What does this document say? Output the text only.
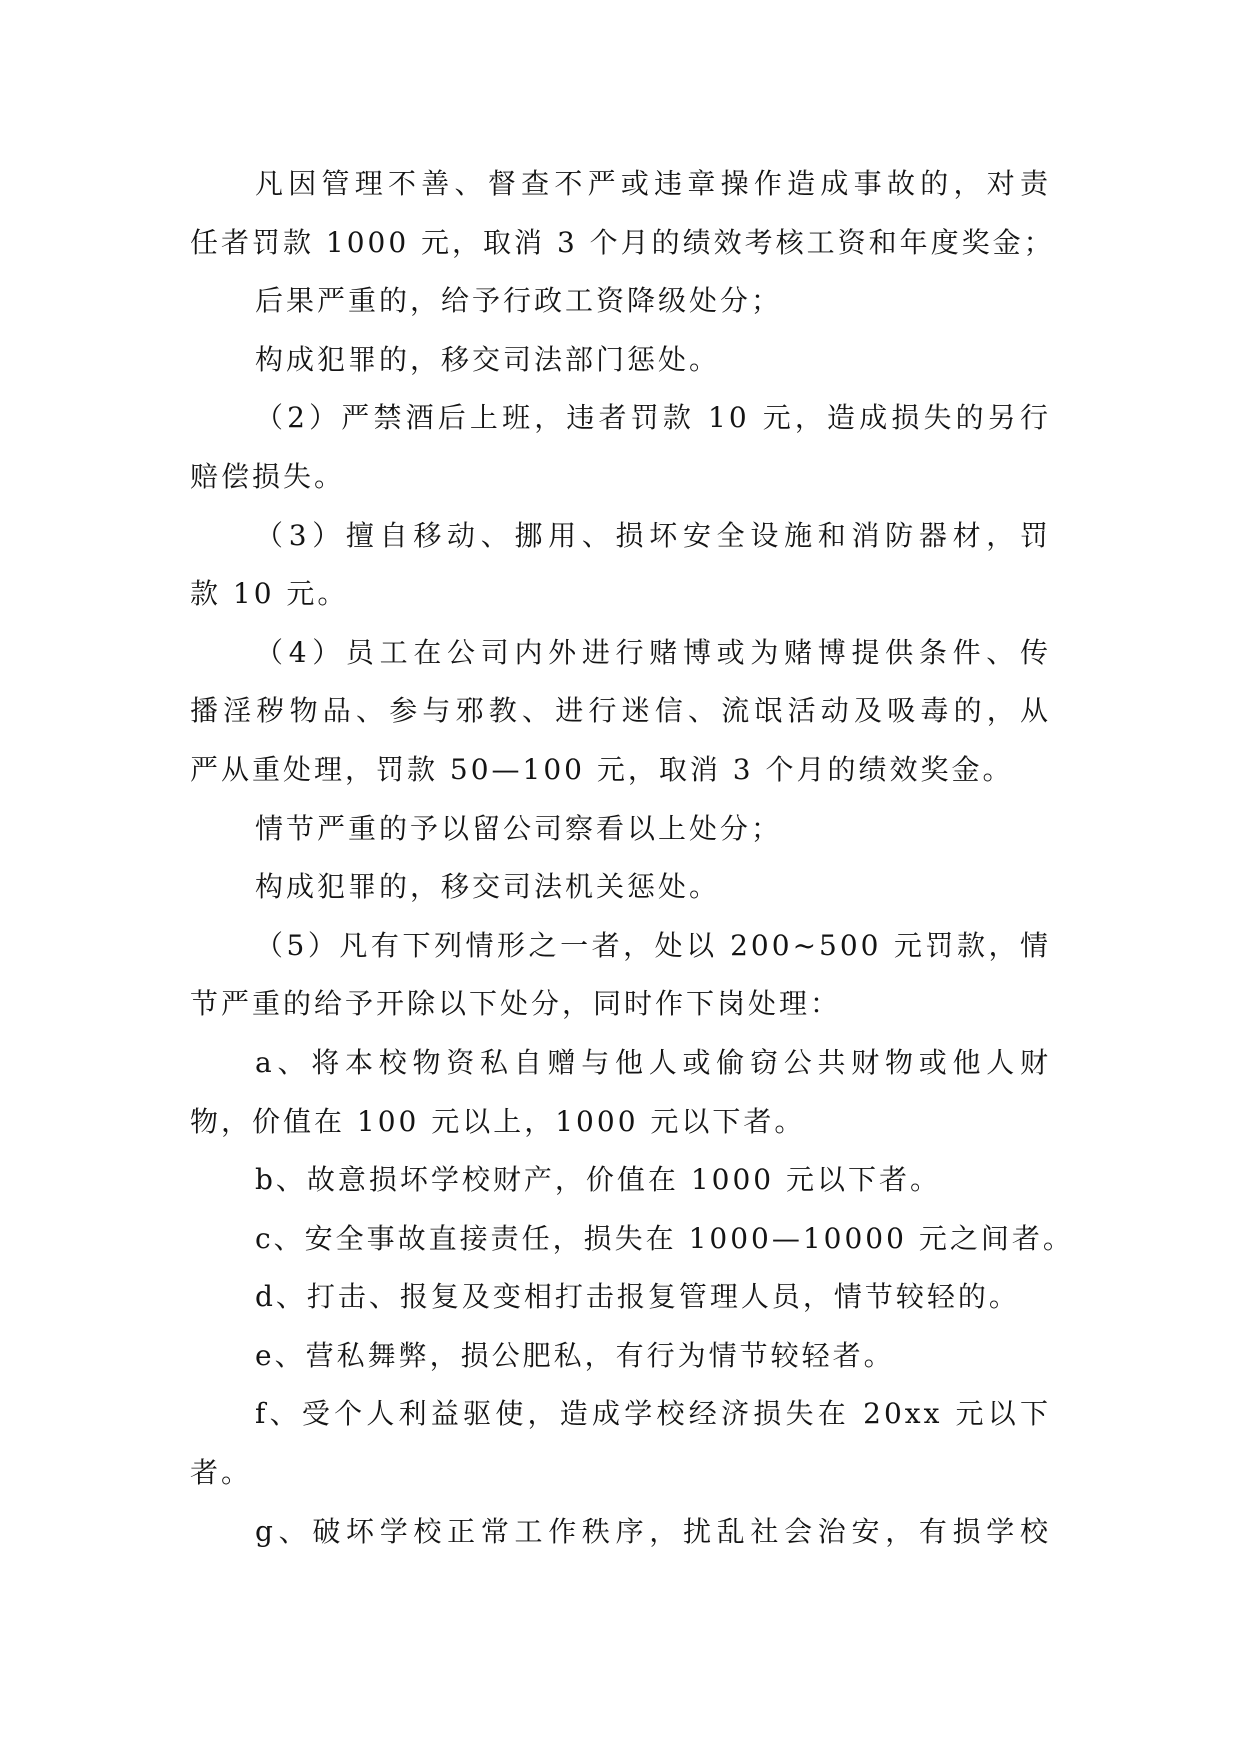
凡因管理不善、督查不严或违章操作造成事故的，对责
任者罚款 1000 元，取消 3 个月的绩效考核工资和年度奖金；
后果严重的，给予行政工资降级处分；
构成犯罪的，移交司法部门惩处。
（2）严禁酒后上班，违者罚款 10 元，造成损失的另行
赔偿损失。
（3）擅自移动、挪用、损坏安全设施和消防器材，罚
款 10 元。
（4）员工在公司内外进行赌博或为赌博提供条件、传
播淫秽物品、参与邪教、进行迷信、流氓活动及吸毒的，从
严从重处理，罚款 50—100 元，取消 3 个月的绩效奖金。
情节严重的予以留公司察看以上处分；
构成犯罪的，移交司法机关惩处。
（5）凡有下列情形之一者，处以 200~500 元罚款，情
节严重的给予开除以下处分，同时作下岗处理：
a、将本校物资私自赠与他人或偷窃公共财物或他人财
物，价值在 100 元以上，1000 元以下者。
b、故意损坏学校财产，价值在 1000 元以下者。
c、安全事故直接责任，损失在 1000—10000 元之间者。
d、打击、报复及变相打击报复管理人员，情节较轻的。
e、营私舞弊，损公肥私，有行为情节较轻者。
f、受个人利益驱使，造成学校经济损失在 20xx 元以下
者。
g、破坏学校正常工作秩序，扰乱社会治安，有损学校
